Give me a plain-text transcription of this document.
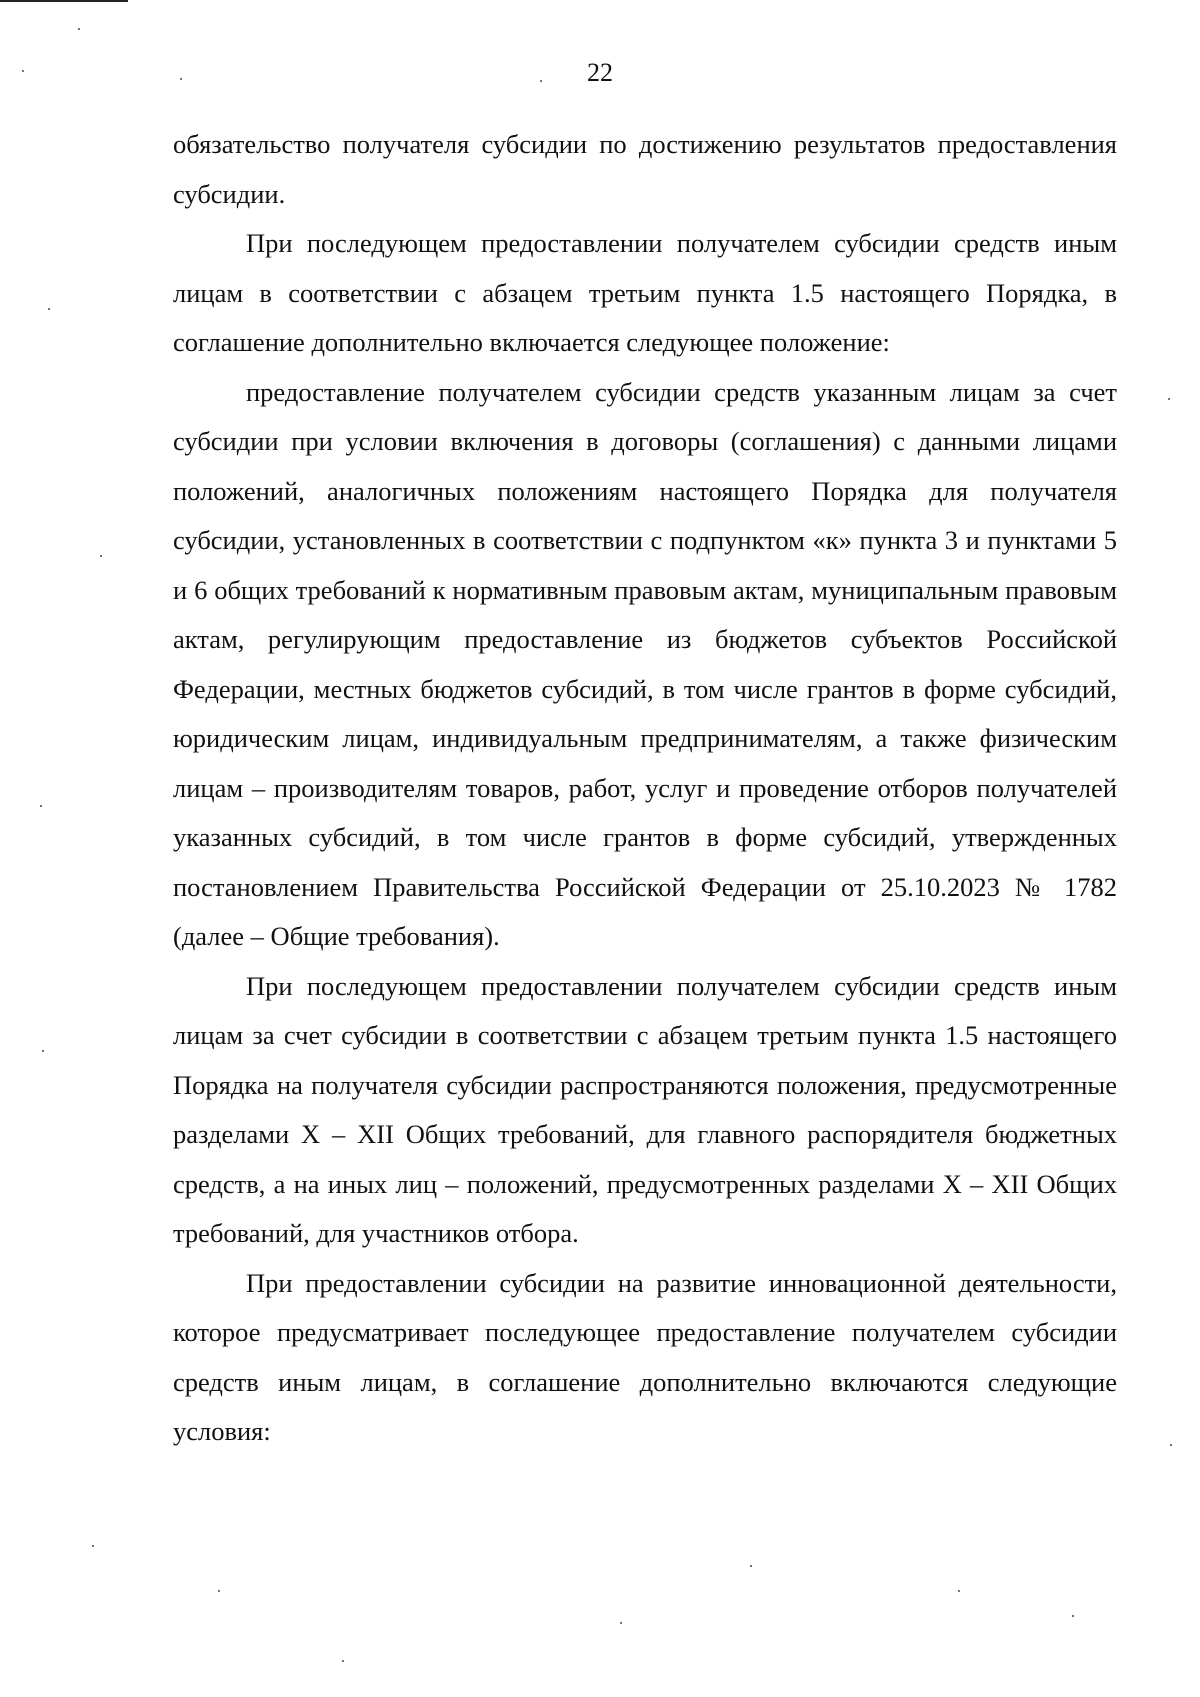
22

обязательство получателя субсидии по достижению результатов предоставления субсидии.

При последующем предоставлении получателем субсидии средств иным лицам в соответствии с абзацем третьим пункта 1.5 настоящего Порядка, в соглашение дополнительно включается следующее положение:

предоставление получателем субсидии средств указанным лицам за счет субсидии при условии включения в договоры (соглашения) с данными лицами положений, аналогичных положениям настоящего Порядка для получателя субсидии, установленных в соответствии с подпунктом «к» пункта 3 и пунктами 5 и 6 общих требований к нормативным правовым актам, муниципальным правовым актам, регулирующим предоставление из бюджетов субъектов Российской Федерации, местных бюджетов субсидий, в том числе грантов в форме субсидий, юридическим лицам, индивидуальным предпринимателям, а также физическим лицам – производителям товаров, работ, услуг и проведение отборов получателей указанных субсидий, в том числе грантов в форме субсидий, утвержденных постановлением Правительства Российской Федерации от 25.10.2023 № 1782 (далее – Общие требования).

При последующем предоставлении получателем субсидии средств иным лицам за счет субсидии в соответствии с абзацем третьим пункта 1.5 настоящего Порядка на получателя субсидии распространяются положения, предусмотренные разделами X – XII Общих требований, для главного распорядителя бюджетных средств, а на иных лиц – положений, предусмотренных разделами X – XII Общих требований, для участников отбора.

При предоставлении субсидии на развитие инновационной деятельности, которое предусматривает последующее предоставление получателем субсидии средств иным лицам, в соглашение дополнительно включаются следующие условия:
